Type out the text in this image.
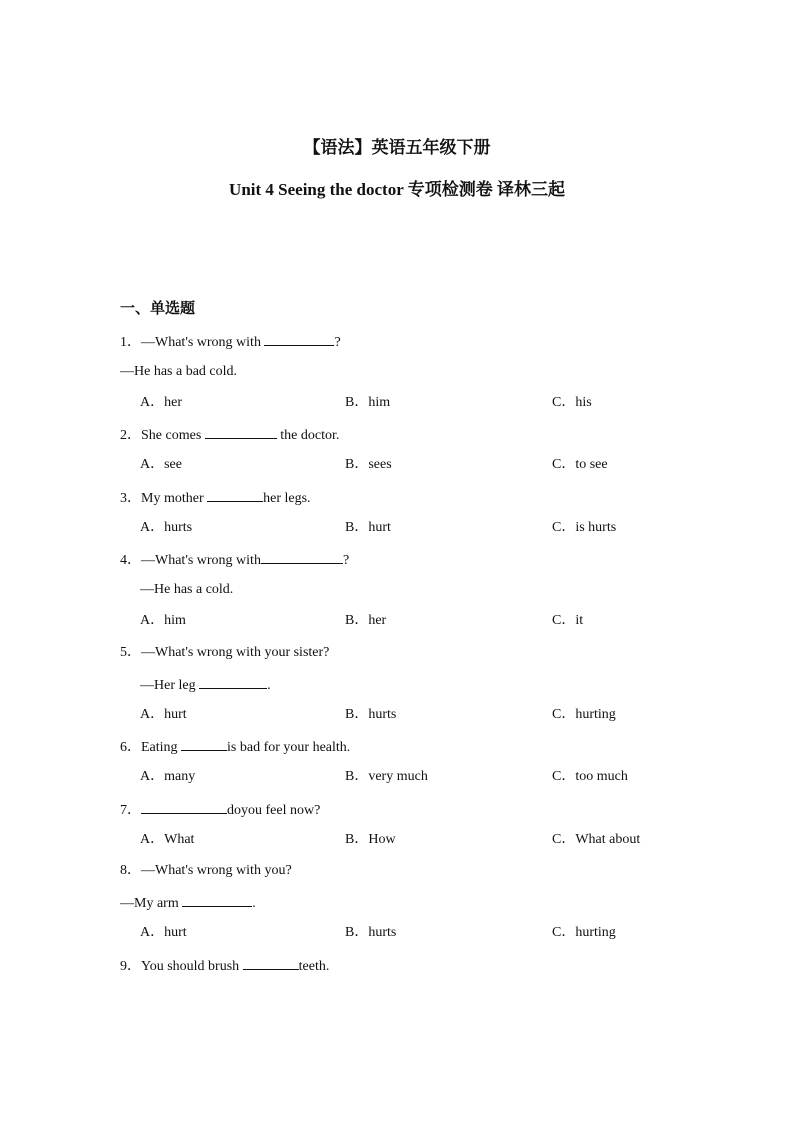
【语法】英语五年级下册
Unit 4 Seeing the doctor 专项检测卷 译林三起
一、单选题
1．—What's wrong with	?
—He has a bad cold.
A．her	B．him	C．his
2．She comes	the doctor.
A．see	B．sees	C．to see
3．My mother	her legs.
A．hurts	B．hurt	C．is hurts
4．—What's wrong with	?
—He has a cold.
A．him	B．her	C．it
5．—What's wrong with your sister?
—Her leg	.
A．hurt	B．hurts	C．hurting
6．Eating	is bad for your health.
A．many	B．very much	C．too much
7．	doyou feel now?
A．What	B．How	C．What about
8．—What's wrong with you?
—My arm	.
A．hurt	B．hurts	C．hurting
9．You should brush	teeth.
